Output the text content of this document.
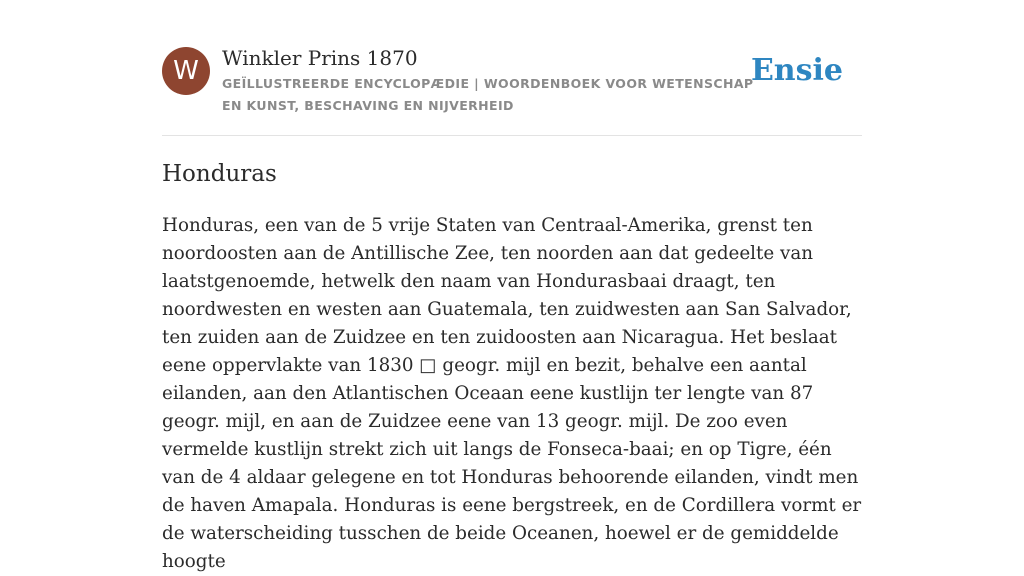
W	Winkler Prins 1870
GEÏLLUSTREERDE ENCYCLOPÆDIE | WOORDENBOEK VOOR WETENSCHAP EN KUNST, BESCHAVING EN NIJVERHEID
Ensie
Honduras

Honduras, een van de 5 vrije Staten van Centraal-Amerika, grenst ten noordoosten aan de Antillische Zee, ten noorden aan dat gedeelte van laatstgenoemde, hetwelk den naam van Hondurasbaai draagt, ten noordwesten en westen aan Guatemala, ten zuidwesten aan San Salvador, ten zuiden aan de Zuidzee en ten zuidoosten aan Nicaragua. Het beslaat eene oppervlakte van 1830 □ geogr. mijl en bezit, behalve een aantal eilanden, aan den Atlantischen Oceaan eene kustlijn ter lengte van 87 geogr. mijl, en aan de Zuidzee eene van 13 geogr. mijl. De zoo even vermelde kustlijn strekt zich uit langs de Fonseca-baai; en op Tigre, één van de 4 aldaar gelegene en tot Honduras behoorende eilanden, vindt men de haven Amapala. Honduras is eene bergstreek, en de Cordillera vormt er de waterscheiding tusschen de beide Oceanen, hoewel er de gemiddelde hoogte
